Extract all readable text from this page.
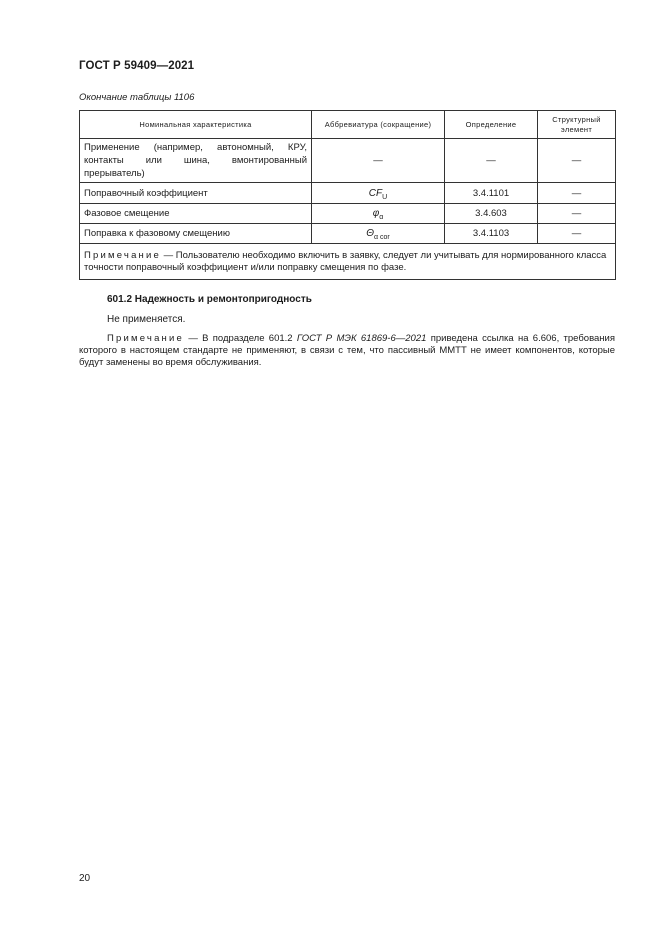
ГОСТ Р 59409—2021
Окончание таблицы 1106
Номинальная характеристика	Аббревиатура (сокращение)	Определение	Структурный элемент
Применение (например, автономный, КРУ, контакты или шина, вмонтированный прерыватель)	—	—	—
Поправочный коэффициент	$CF_U$	3.4.1101	—
Фазовое смещение	$\varphi_\alpha$	3.4.603	—
Поправка к фазовому смещению	$\Theta_{\alpha cor}$	3.4.1103	—
Примечание — Пользователю необходимо включить в заявку, следует ли учитывать для нормированного класса точности поправочный коэффициент и/или поправку смещения по фазе.			
601.2 Надежность и ремонтопригодность
Не применяется.
Примечание — В подразделе 601.2 ГОСТ Р МЭК 61869-6—2021 приведена ссылка на 6.606, требования которого в настоящем стандарте не применяют, в связи с тем, что пассивный ММТТ не имеет компонентов, которые будут заменены во время обслуживания.
20
